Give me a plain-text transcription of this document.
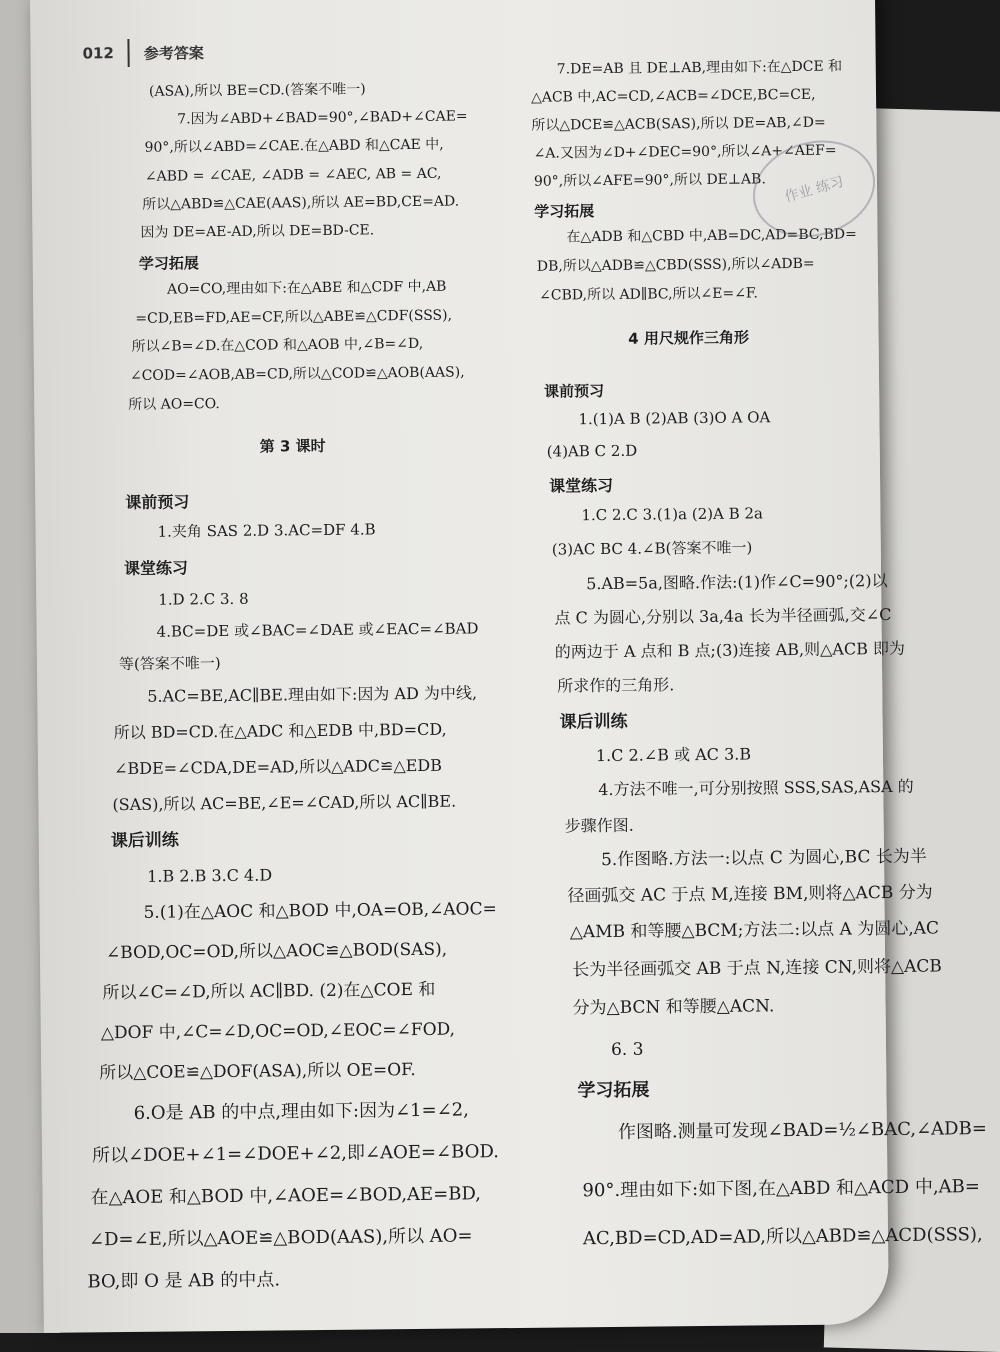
012 参考答案

(ASA),所以 BE=CD.(答案不唯一)

7.因为∠ABD+∠BAD=90°,∠BAD+∠CAE=

90°,所以∠ABD=∠CAE.在△ABD 和△CAE 中,

∠ABD = ∠CAE, ∠ADB = ∠AEC, AB = AC,

所以△ABD≌△CAE(AAS),所以 AE=BD,CE=AD.

因为 DE=AE-AD,所以 DE=BD-CE.

学习拓展

AO=CO,理由如下:在△ABE 和△CDF 中,AB

=CD,EB=FD,AE=CF,所以△ABE≌△CDF(SSS),

所以∠B=∠D.在△COD 和△AOB 中,∠B=∠D,

∠COD=∠AOB,AB=CD,所以△COD≌△AOB(AAS),

所以 AO=CO.

第 3 课时

课前预习

1.夹角 SAS 2.D 3.AC=DF 4.B

课堂练习

1.D 2.C 3. 8

4.BC=DE 或∠BAC=∠DAE 或∠EAC=∠BAD

等(答案不唯一)

5.AC=BE,AC∥BE.理由如下:因为 AD 为中线,

所以 BD=CD.在△ADC 和△EDB 中,BD=CD,

∠BDE=∠CDA,DE=AD,所以△ADC≌△EDB

(SAS),所以 AC=BE,∠E=∠CAD,所以 AC∥BE.

课后训练

1.B 2.B 3.C 4.D

5.(1)在△AOC 和△BOD 中,OA=OB,∠AOC=

∠BOD,OC=OD,所以△AOC≌△BOD(SAS),

所以∠C=∠D,所以 AC∥BD. (2)在△COE 和

△DOF 中,∠C=∠D,OC=OD,∠EOC=∠FOD,

所以△COE≌△DOF(ASA),所以 OE=OF.

6.O是 AB 的中点,理由如下:因为∠1=∠2,

所以∠DOE+∠1=∠DOE+∠2,即∠AOE=∠BOD.

在△AOE 和△BOD 中,∠AOE=∠BOD,AE=BD,

∠D=∠E,所以△AOE≌△BOD(AAS),所以 AO=

BO,即 O 是 AB 的中点.

7.DE=AB 且 DE⊥AB,理由如下:在△DCE 和

△ACB 中,AC=CD,∠ACB=∠DCE,BC=CE,

所以△DCE≌△ACB(SAS),所以 DE=AB,∠D=

∠A.又因为∠D+∠DEC=90°,所以∠A+∠AEF=

90°,所以∠AFE=90°,所以 DE⊥AB.

学习拓展

在△ADB 和△CBD 中,AB=DC,AD=BC,BD=

DB,所以△ADB≌△CBD(SSS),所以∠ADB=

∠CBD,所以 AD∥BC,所以∠E=∠F.

4 用尺规作三角形

课前预习

1.(1)A B (2)AB (3)O A OA

(4)AB C 2.D

课堂练习

1.C 2.C 3.(1)a (2)A B 2a

(3)AC BC 4.∠B(答案不唯一)

5.AB=5a,图略.作法:(1)作∠C=90°;(2)以

点 C 为圆心,分别以 3a,4a 长为半径画弧,交∠C

的两边于 A 点和 B 点;(3)连接 AB,则△ACB 即为

所求作的三角形.

课后训练

1.C 2.∠B 或 AC 3.B

4.方法不唯一,可分别按照 SSS,SAS,ASA 的

步骤作图.

5.作图略.方法一:以点 C 为圆心,BC 长为半

径画弧交 AC 于点 M,连接 BM,则将△ACB 分为

△AMB 和等腰△BCM;方法二:以点 A 为圆心,AC

长为半径画弧交 AB 于点 N,连接 CN,则将△ACB

分为△BCN 和等腰△ACN.

6. 3

学习拓展

作图略.测量可发现∠BAD=½∠BAC,∠ADB=

90°.理由如下:如下图,在△ABD 和△ACD 中,AB=

AC,BD=CD,AD=AD,所以△ABD≌△ACD(SSS),

作业 练习
